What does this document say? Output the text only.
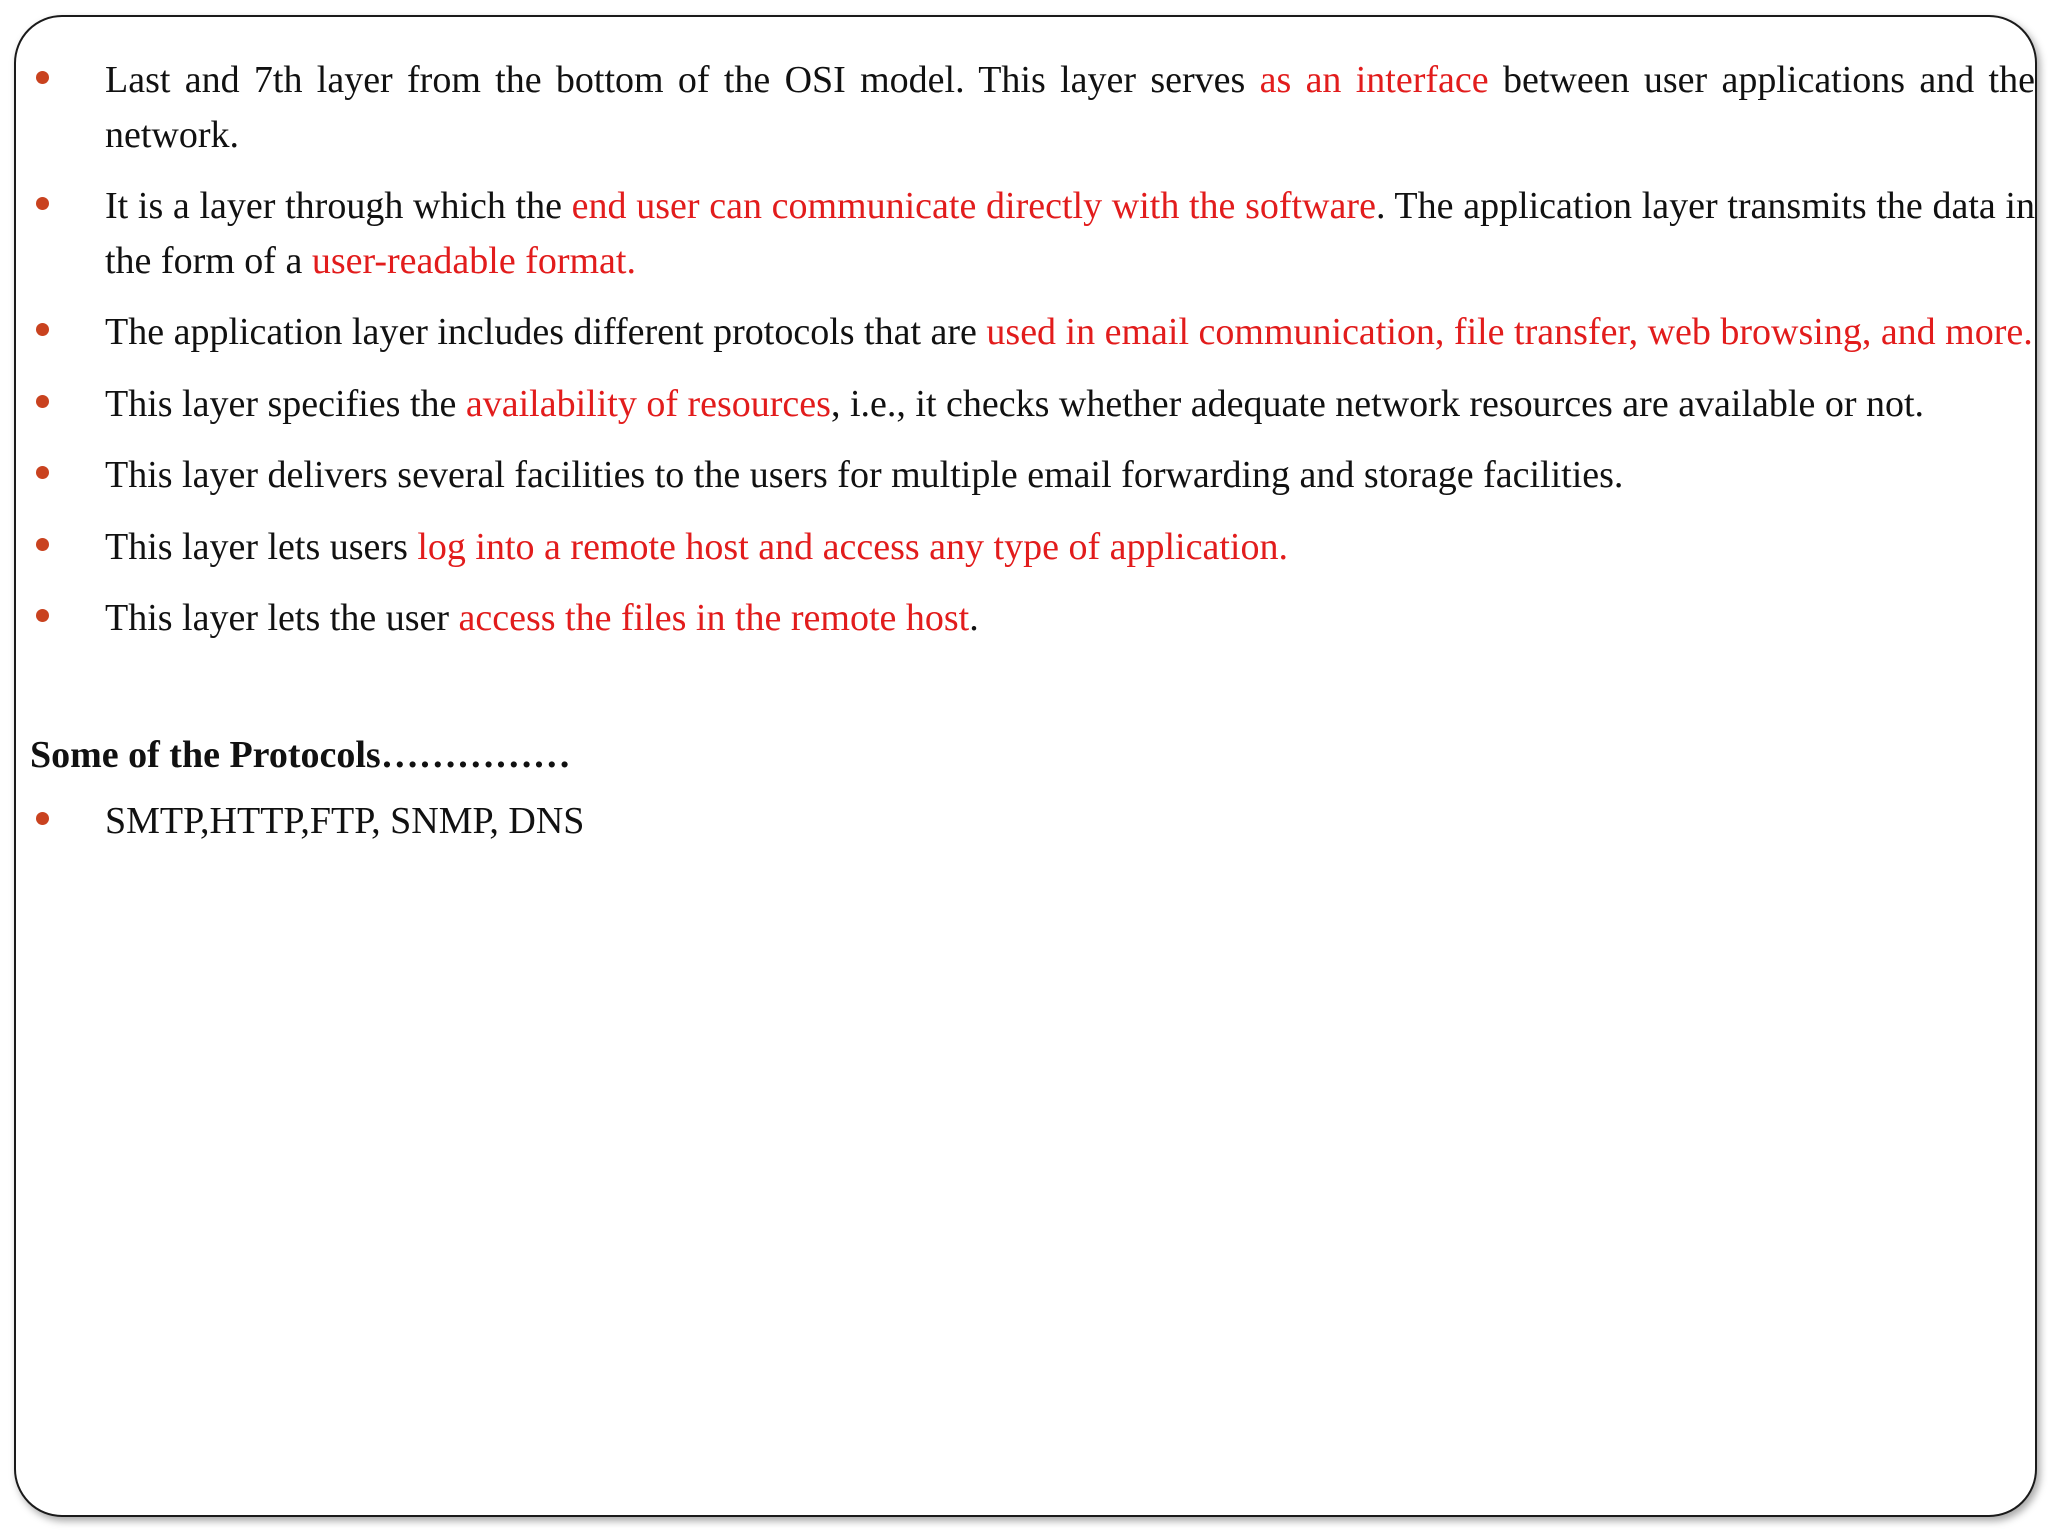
Last and 7th layer from the bottom of the OSI model. This layer serves as an interface between user applications and the network.
It is a layer through which the end user can communicate directly with the software. The application layer transmits the data in the form of a user-readable format.
The application layer includes different protocols that are used in email communication, file transfer, web browsing, and more.
This layer specifies the availability of resources, i.e., it checks whether adequate network resources are available or not.
This layer delivers several facilities to the users for multiple email forwarding and storage facilities.
This layer lets users log into a remote host and access any type of application.
This layer lets the user access the files in the remote host.
Some of the Protocols……………
SMTP,HTTP,FTP, SNMP, DNS
